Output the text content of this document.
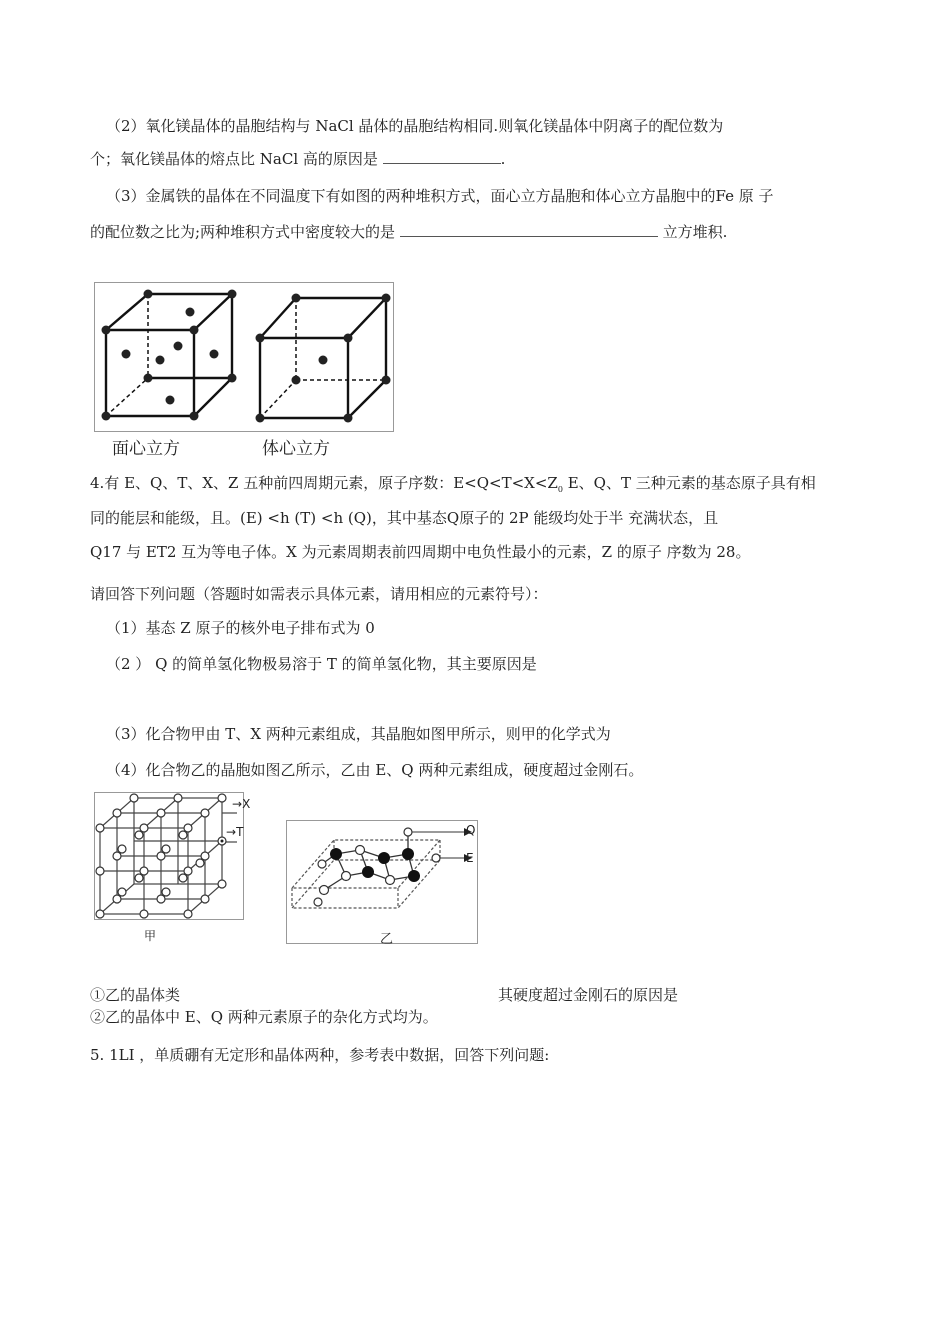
（2）氧化镁晶体的晶胞结构与 NaCl 晶体的晶胞结构相同.则氧化镁晶体中阴离子的配位数为
个；氧化镁晶体的熔点比 NaCl 高的原因是	.
（3）金属铁的晶体在不同温度下有如图的两种堆积方式，面心立方晶胞和体心立方晶胞中的Fe 原 子
的配位数之比为;两种堆积方式中密度较大的是	立方堆积.
面心立方	体心立方
4.有 E、Q、T、X、Z 五种前四周期元素，原子序数：$E<Q<T<X<Z_0$ E、Q、T 三种元素的基态原子具有相
同的能层和能级，且。(E) <h (T) <h (Q)，其中基态Q原子的 2P 能级均处于半 充满状态，且
Q17 与 ET2 互为等电子体。X 为元素周期表前四周期中电负性最小的元素，Z 的原子 序数为 28。
请回答下列问题（答题时如需表示具体元素，请用相应的元素符号）：
（1）基态 Z 原子的核外电子排布式为 0
（2 ） Q 的简单氢化物极易溶于 T 的简单氢化物，其主要原因是
（3）化合物甲由 T、X 两种元素组成，其晶胞如图甲所示，则甲的化学式为
（4）化合物乙的晶胞如图乙所示，乙由 E、Q 两种元素组成，硬度超过金刚石。
→X
→T
甲
Q
E
乙
①乙的晶体类	其硬度超过金刚石的原因是
②乙的晶体中 E、Q 两种元素原子的杂化方式均为。
5. 1LI ，单质硼有无定形和晶体两种，参考表中数据，回答下列问题:
